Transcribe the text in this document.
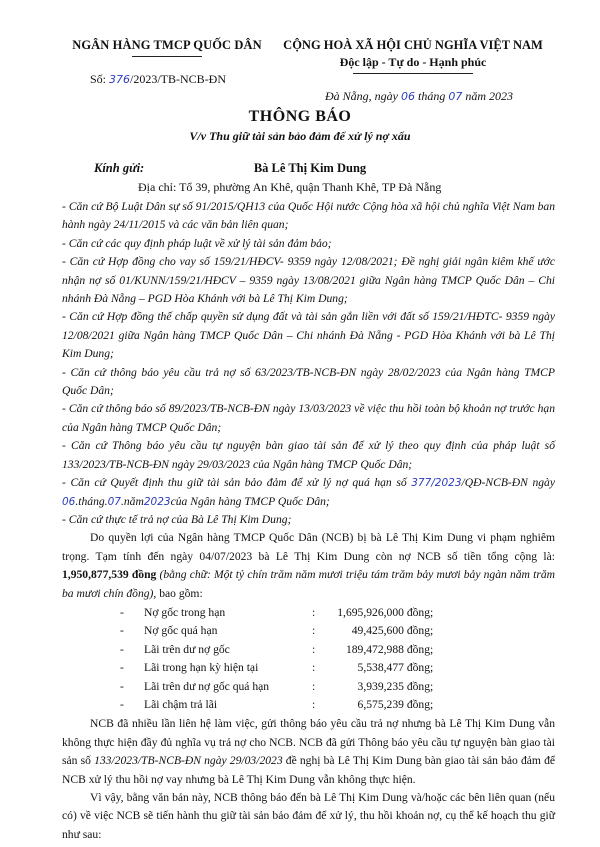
NGÂN HÀNG TMCP QUỐC DÂN	CỘNG HOÀ XÃ HỘI CHỦ NGHĨA VIỆT NAM
Độc lập - Tự do - Hạnh phúc
Số: 376/2023/TB-NCB-ĐN
Đà Nẵng, ngày 06 tháng 07 năm 2023
THÔNG BÁO
V/v Thu giữ tài sản bảo đảm để xử lý nợ xấu
Bà Lê Thị Kim Dung
Kính gửi:
Địa chỉ: Tổ 39, phường An Khê, quận Thanh Khê, TP Đà Nẵng

- Căn cứ Bộ Luật Dân sự số 91/2015/QH13 của Quốc Hội nước Cộng hòa xã hội chủ nghĩa Việt Nam ban hành ngày 24/11/2015 và các văn bản liên quan;

- Căn cứ các quy định pháp luật về xử lý tài sản đảm bảo;

- Căn cứ Hợp đồng cho vay số 159/21/HĐCV- 9359 ngày 12/08/2021; Đề nghị giải ngân kiêm khế ước nhận nợ số 01/KUNN/159/21/HĐCV – 9359 ngày 13/08/2021 giữa Ngân hàng TMCP Quốc Dân – Chi nhánh Đà Nẵng – PGD Hòa Khánh với bà Lê Thị Kim Dung;

- Căn cứ Hợp đồng thế chấp quyền sử dụng đất và tài sản gắn liền với đất số 159/21/HĐTC- 9359 ngày 12/08/2021 giữa Ngân hàng TMCP Quốc Dân – Chi nhánh Đà Nẵng - PGD Hòa Khánh với bà Lê Thị Kim Dung;

- Căn cứ thông báo yêu cầu trả nợ số 63/2023/TB-NCB-ĐN ngày 28/02/2023 của Ngân hàng TMCP Quốc Dân;

- Căn cứ thông báo số 89/2023/TB-NCB-ĐN ngày 13/03/2023 về việc thu hồi toàn bộ khoản nợ trước hạn của Ngân hàng TMCP Quốc Dân;

- Căn cứ Thông báo yêu cầu tự nguyện bàn giao tài sản để xử lý theo quy định của pháp luật số 133/2023/TB-NCB-ĐN ngày 29/03/2023 của Ngân hàng TMCP Quốc Dân;

- Căn cứ Quyết định thu giữ tài sản bảo đảm để xử lý nợ quá hạn số 377/2023/QĐ-NCB-ĐN ngày 06.tháng.07.năm2023của Ngân hàng TMCP Quốc Dân;

- Căn cứ thực tế trả nợ của Bà Lê Thị Kim Dung;

Do quyền lợi của Ngân hàng TMCP Quốc Dân (NCB) bị bà Lê Thị Kim Dung vi phạm nghiêm trọng. Tạm tính đến ngày 04/07/2023 bà Lê Thị Kim Dung còn nợ NCB số tiền tổng cộng là: 1,950,877,539 đồng (bằng chữ: Một tỷ chín trăm năm mươi triệu tám trăm bảy mươi bảy ngàn năm trăm ba mươi chín đồng), bao gồm:

-	Nợ gốc trong hạn	:	1,695,926,000 đồng;
-	Nợ gốc quá hạn	:	49,425,600 đồng;
-	Lãi trên dư nợ gốc	:	189,472,988 đồng;
-	Lãi trong hạn kỳ hiện tại	:	5,538,477 đồng;
-	Lãi trên dư nợ gốc quá hạn	:	3,939,235 đồng;
-	Lãi chậm trả lãi	:	6,575,239 đồng;

NCB đã nhiều lần liên hệ làm việc, gửi thông báo yêu cầu trả nợ nhưng bà Lê Thị Kim Dung vẫn không thực hiện đầy đủ nghĩa vụ trả nợ cho NCB. NCB đã gửi Thông báo yêu cầu tự nguyện bàn giao tài sản số 133/2023/TB-NCB-ĐN ngày 29/03/2023 đề nghị bà Lê Thị Kim Dung bàn giao tài sản bảo đảm để NCB xử lý thu hồi nợ vay nhưng bà Lê Thị Kim Dung vẫn không thực hiện.

Vì vậy, bằng văn bản này, NCB thông báo đến bà Lê Thị Kim Dung và/hoặc các bên liên quan (nếu có) về việc NCB sẽ tiến hành thu giữ tài sản bảo đảm để xử lý, thu hồi khoản nợ, cụ thể kế hoạch thu giữ như sau:
